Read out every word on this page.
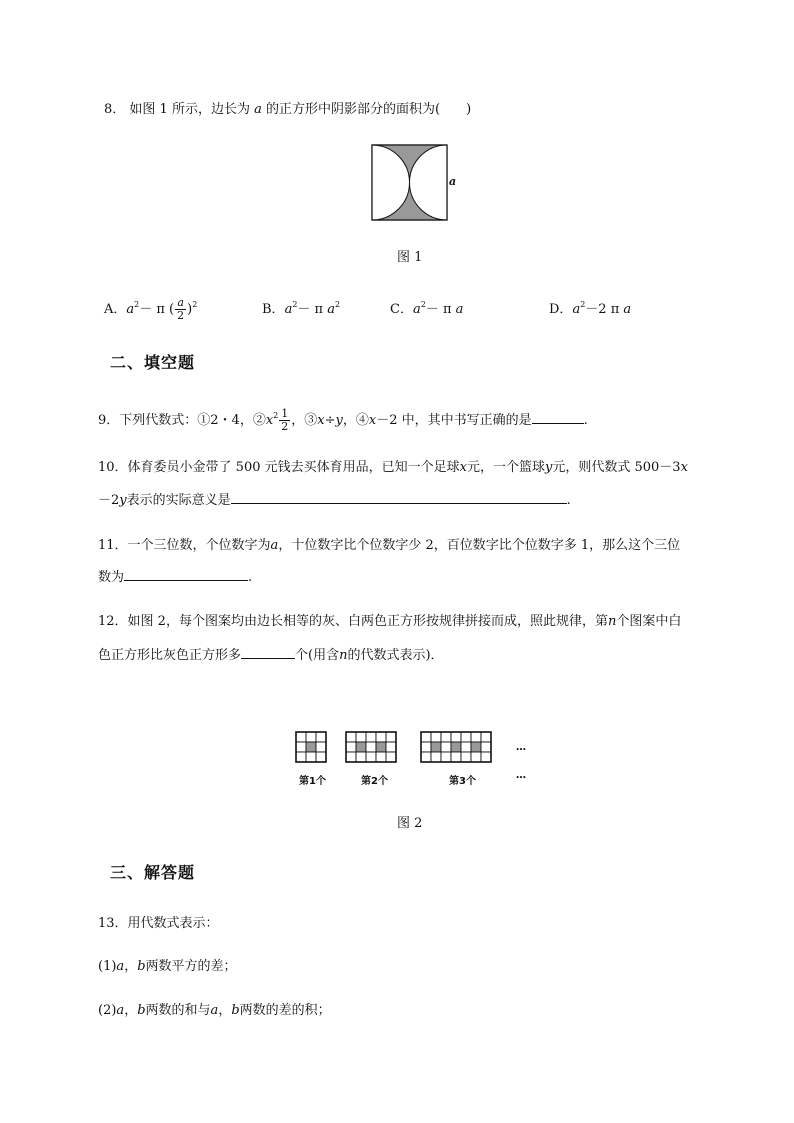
8． 如图 1 所示，边长为 a 的正方形中阴影部分的面积为(　　)
a
图 1
A．$a^2- \pi$ ( $\frac{a}{2} )^2$	B．$a^2- \pi$ $a^2$	C．$a^2- \pi$ a	D．$a^2-2$ π a
二、填空题
9．下列代数式：①2・4，$②x^2 \frac{1}{2}$ ，③x÷y，④x－2 中，其中书写正确的是	.
10．体育委员小金带了 500 元钱去买体育用品，已知一个足球x元，一个篮球y元，则代数式 500－3x
－2y表示的实际意义是	.
11．一个三位数，个位数字为a，十位数字比个位数字少 2，百位数字比个位数字多 1，那么这个三位
数为	.
12．如图 2，每个图案均由边长相等的灰、白两色正方形按规律拼接而成，照此规律，第n个图案中白
色正方形比灰色正方形多	个(用含n的代数式表示)．
第1个	第2个	第3个
…
…
图 2
三、解答题
13．用代数式表示：
(1)a，b两数平方的差；
(2)a，b两数的和与a，b两数的差的积；
